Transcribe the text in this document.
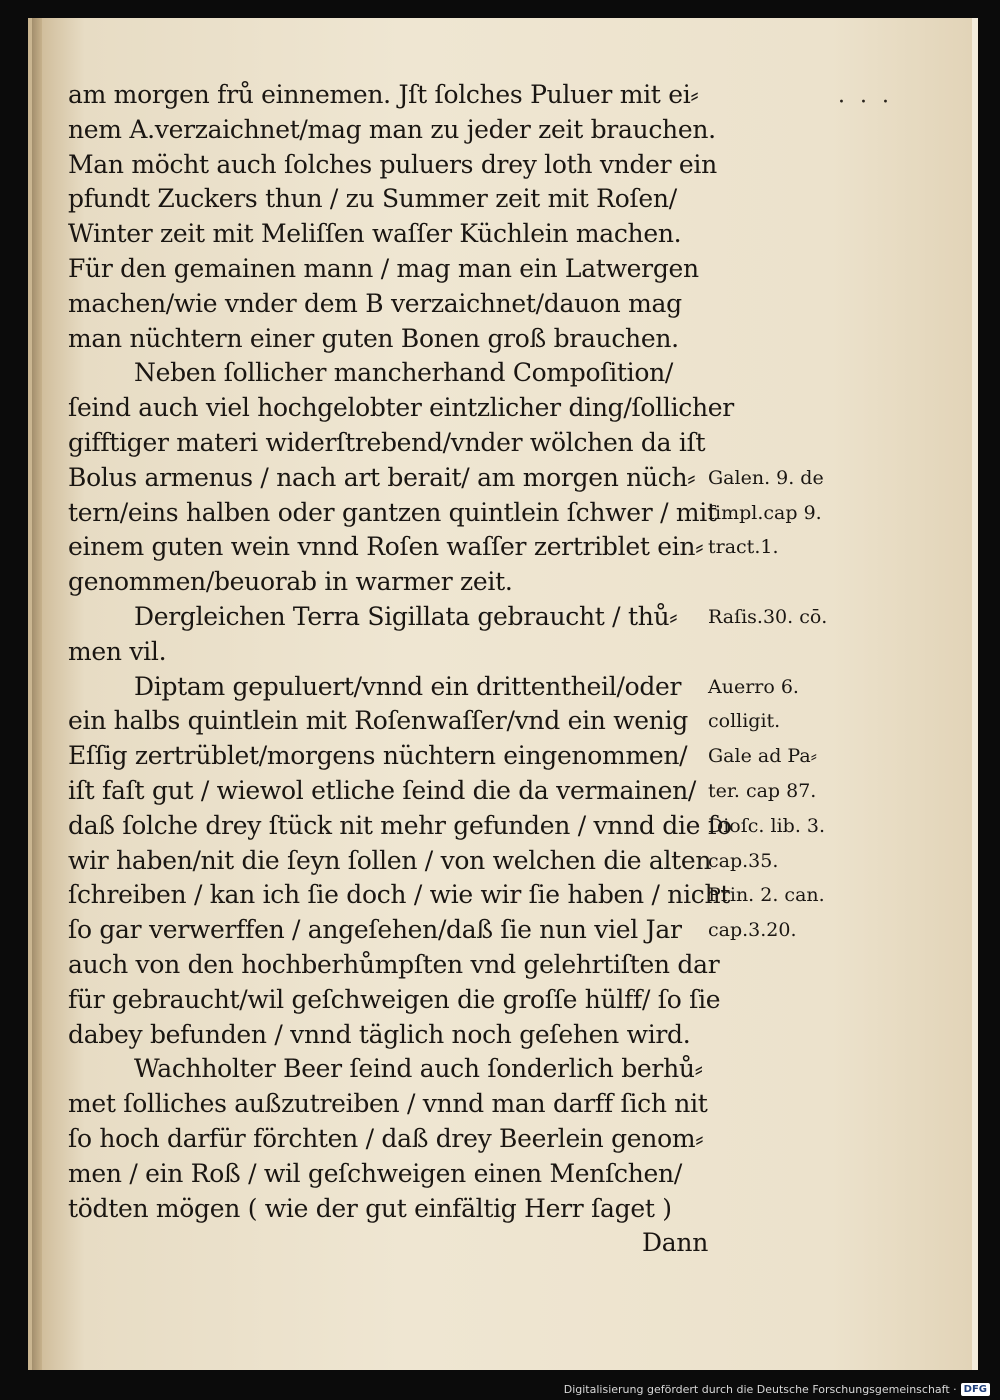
· · ·
am morgen frů einnemen. Jſt ſolches Puluer mit ei⸗
nem A.verzaichnet/mag man zu jeder zeit brauchen.
Man möcht auch ſolches puluers drey loth vnder ein
pfundt Zuckers thun / zu Summer zeit mit Roſen/
Winter zeit mit Meliſſen waſſer Küchlein machen.
Für den gemainen mann / mag man ein Latwergen
machen/wie vnder dem B verzaichnet/dauon mag
man nüchtern einer guten Bonen groß brauchen.
Neben ſollicher mancherhand Compoſition/
ſeind auch viel hochgelobter eintzlicher ding/ſollicher
gifftiger materi widerſtrebend/vnder wölchen da iſt
Bolus armenus / nach art berait/ am morgen nüch⸗
tern/eins halben oder gantzen quintlein ſchwer / mit
einem guten wein vnnd Roſen waſſer zertriblet ein⸗
genommen/beuorab in warmer zeit.
Dergleichen Terra Sigillata gebraucht / thů⸗
men vil.
Diptam gepuluert/vnnd ein drittentheil/oder
ein halbs quintlein mit Roſenwaſſer/vnd ein wenig
Eſſig zertrüblet/morgens nüchtern eingenommen/
iſt faſt gut / wiewol etliche ſeind die da vermainen/
daß ſolche drey ſtück nit mehr gefunden / vnnd die ſo
wir haben/nit die ſeyn ſollen / von welchen die alten
ſchreiben / kan ich ſie doch / wie wir ſie haben / nicht
ſo gar verwerffen / angeſehen/daß ſie nun viel Jar
auch von den hochberhůmpſten vnd gelehrtiſten dar
für gebraucht/wil geſchweigen die groſſe hülff/ ſo ſie
dabey befunden / vnnd täglich noch geſehen wird.
Wachholter Beer ſeind auch ſonderlich berhů⸗
met ſolliches außzutreiben / vnnd man darff ſich nit
ſo hoch darfür förchten / daß drey Beerlein genom⸗
men / ein Roß / wil geſchweigen einen Menſchen/
tödten mögen ( wie der gut einfältig Herr ſaget )
Dann
Galen. 9. de
ſimpl.cap 9.
tract.1.
Raſis.30. cō.
Auerro 6.
colligit.
Gale ad Pa⸗
ter. cap 87.
Dioſc. lib. 3.
cap.35.
Prin. 2. can.
cap.3.20.
Digitalisierung gefördert durch die Deutsche Forschungsgemeinschaft · DFG
